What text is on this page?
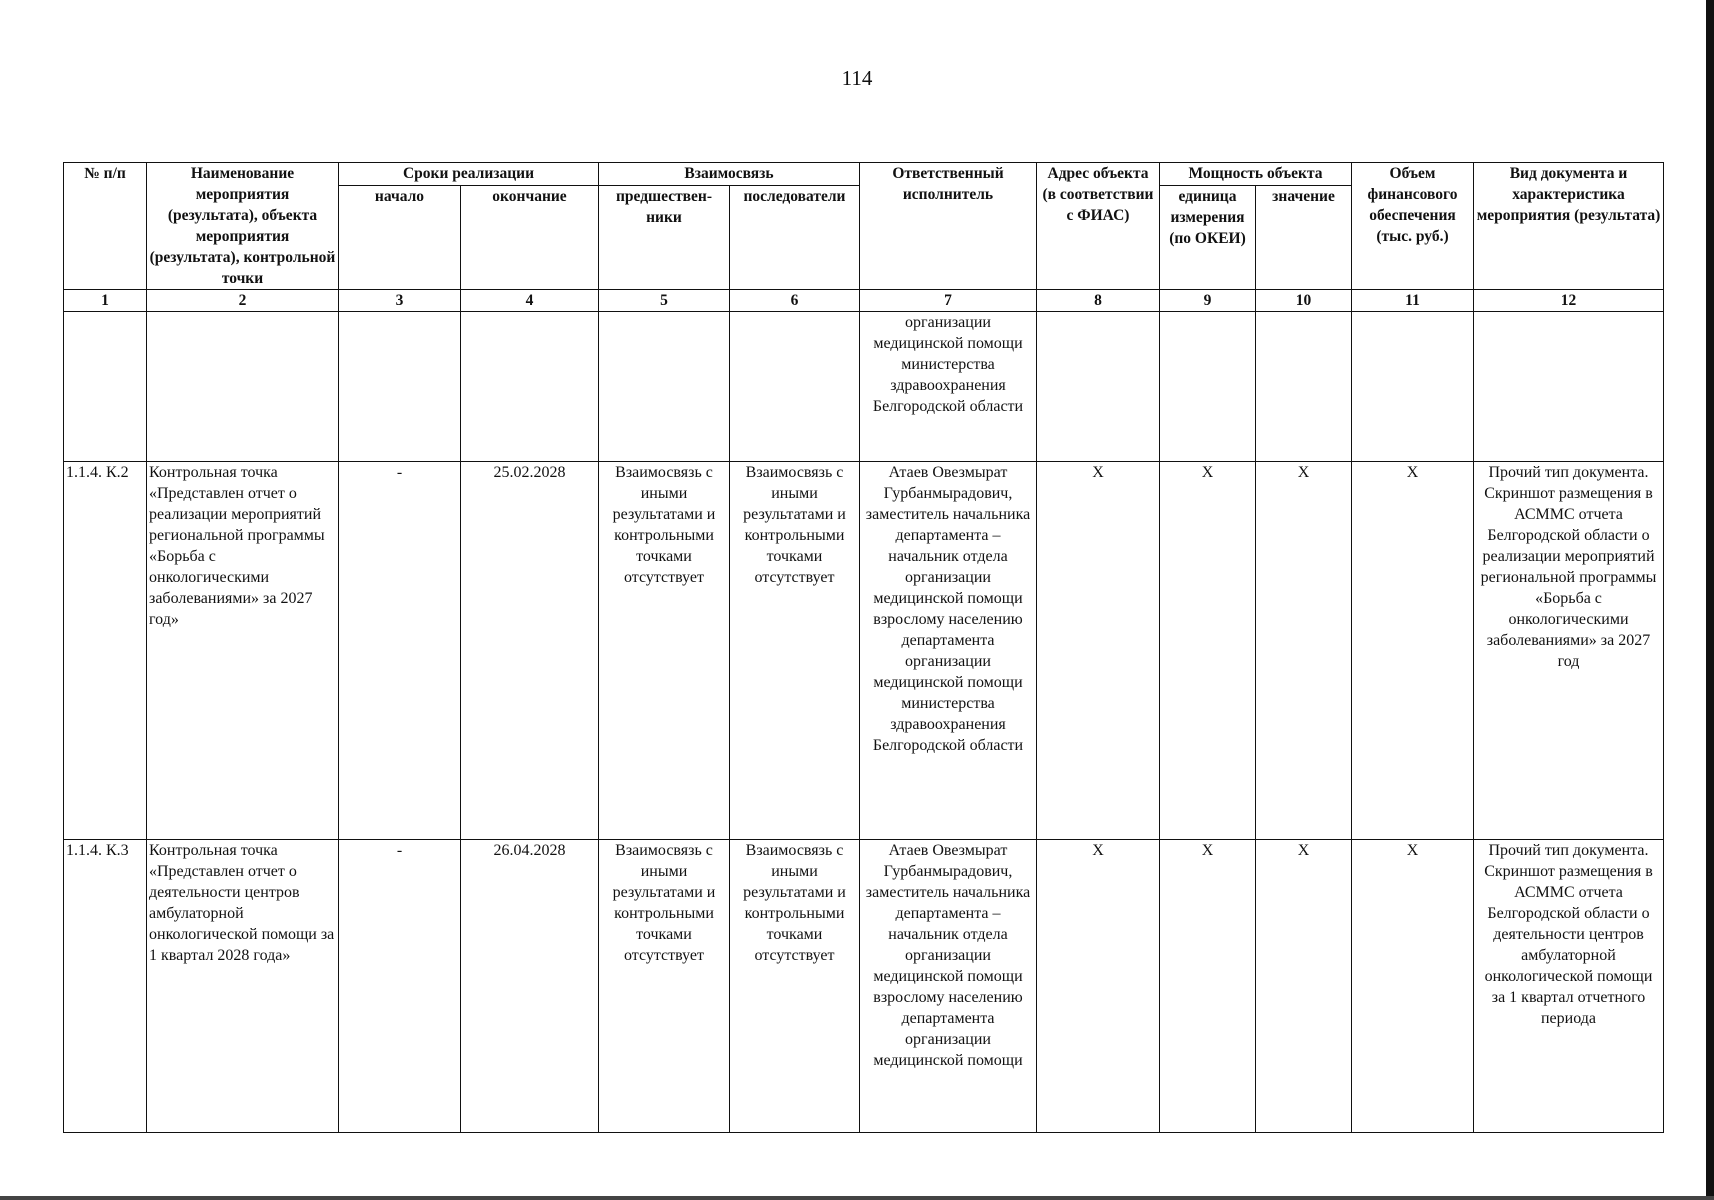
114
№ п/п	Наименование мероприятия (результата), объекта мероприятия (результата), контрольной точки	Сроки реализации		Взаимосвязь		Ответственный исполнитель	Адрес объекта (в соответствии с ФИАС)	Мощность объекта		Объем финансового обеспечения (тыс. руб.)	Вид документа и характеристика мероприятия (результата)
		начало	окончание	предшествен-ники	последователи			единица измерения (по ОКЕИ)	значение		
1	2	3	4	5	6	7	8	9	10	11	12
						организации медицинской помощи министерства здравоохранения Белгородской области					
1.1.4. К.2	Контрольная точка «Представлен отчет о реализации мероприятий региональной программы «Борьба с онкологическими заболеваниями» за 2027 год»	-	25.02.2028	Взаимосвязь с иными результатами и контрольными точками отсутствует	Взаимосвязь с иными результатами и контрольными точками отсутствует	Атаев Овезмырат Гурбанмырадович, заместитель начальника департамента – начальник отдела организации медицинской помощи взрослому населению департамента организации медицинской помощи министерства здравоохранения Белгородской области	X	X	X	X	Прочий тип документа. Скриншот размещения в АСММС отчета Белгородской области о реализации мероприятий региональной программы «Борьба с онкологическими заболеваниями» за 2027 год
1.1.4. К.3	Контрольная точка «Представлен отчет о деятельности центров амбулаторной онкологической помощи за 1 квартал 2028 года»	-	26.04.2028	Взаимосвязь с иными результатами и контрольными точками отсутствует	Взаимосвязь с иными результатами и контрольными точками отсутствует	Атаев Овезмырат Гурбанмырадович, заместитель начальника департамента – начальник отдела организации медицинской помощи взрослому населению департамента организации медицинской помощи	X	X	X	X	Прочий тип документа. Скриншот размещения в АСММС отчета Белгородской области о деятельности центров амбулаторной онкологической помощи за 1 квартал отчетного периода
